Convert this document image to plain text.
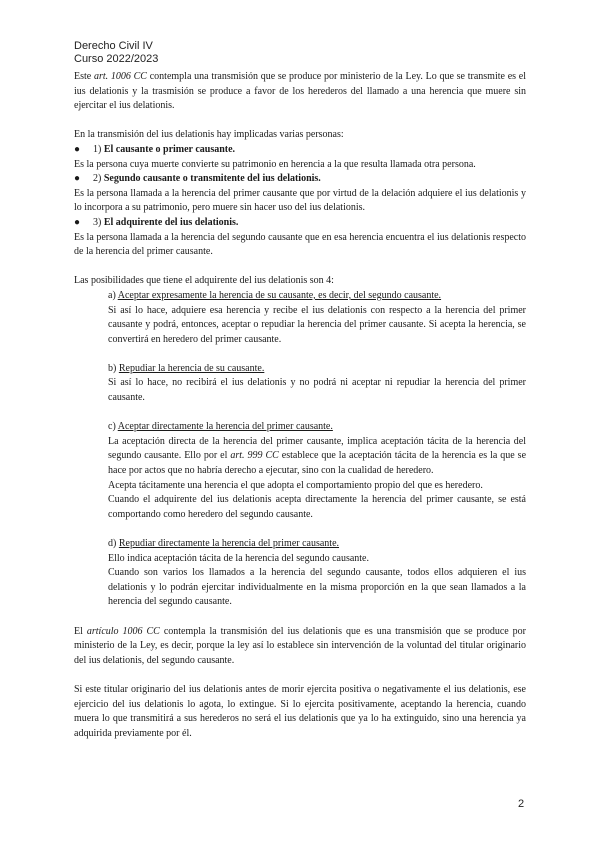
Derecho Civil IV
Curso 2022/2023

Este art. 1006 CC contempla una transmisión que se produce por ministerio de la Ley. Lo que se transmite es el ius delationis y la trasmisión se produce a favor de los herederos del llamado a una herencia que muere sin ejercitar el ius delationis.

En la transmisión del ius delationis hay implicadas varias personas:

● 1) El causante o primer causante.

Es la persona cuya muerte convierte su patrimonio en herencia a la que resulta llamada otra persona.

● 2) Segundo causante o transmitente del ius delationis.

Es la persona llamada a la herencia del primer causante que por virtud de la delación adquiere el ius delationis y lo incorpora a su patrimonio, pero muere sin hacer uso del ius delationis.

● 3) El adquirente del ius delationis.

Es la persona llamada a la herencia del segundo causante que en esa herencia encuentra el ius delationis respecto de la herencia del primer causante.

Las posibilidades que tiene el adquirente del ius delationis son 4:

a) Aceptar expresamente la herencia de su causante, es decir, del segundo causante.

Si así lo hace, adquiere esa herencia y recibe el ius delationis con respecto a la herencia del primer causante y podrá, entonces, aceptar o repudiar la herencia del primer causante. Si acepta la herencia, se convertirá en heredero del primer causante.

b) Repudiar la herencia de su causante.

Si así lo hace, no recibirá el ius delationis y no podrá ni aceptar ni repudiar la herencia del primer causante.

c) Aceptar directamente la herencia del primer causante.

La aceptación directa de la herencia del primer causante, implica aceptación tácita de la herencia del segundo causante. Ello por el art. 999 CC establece que la aceptación tácita de la herencia es la que se hace por actos que no habría derecho a ejecutar, sino con la cualidad de heredero.

Acepta tácitamente una herencia el que adopta el comportamiento propio del que es heredero.

Cuando el adquirente del ius delationis acepta directamente la herencia del primer causante, se está comportando como heredero del segundo causante.

d) Repudiar directamente la herencia del primer causante.

Ello indica aceptación tácita de la herencia del segundo causante.

Cuando son varios los llamados a la herencia del segundo causante, todos ellos adquieren el ius delationis y lo podrán ejercitar individualmente en la misma proporción en la que sean llamados a la herencia del segundo causante.

El artículo 1006 CC contempla la transmisión del ius delationis que es una transmisión que se produce por ministerio de la Ley, es decir, porque la ley así lo establece sin intervención de la voluntad del titular originario del ius delationis, del segundo causante.

Si este titular originario del ius delationis antes de morir ejercita positiva o negativamente el ius delationis, ese ejercicio del ius delationis lo agota, lo extingue. Si lo ejercita positivamente, aceptando la herencia, cuando muera lo que transmitirá a sus herederos no será el ius delationis que ya lo ha extinguido, sino una herencia ya adquirida previamente por él.

2
